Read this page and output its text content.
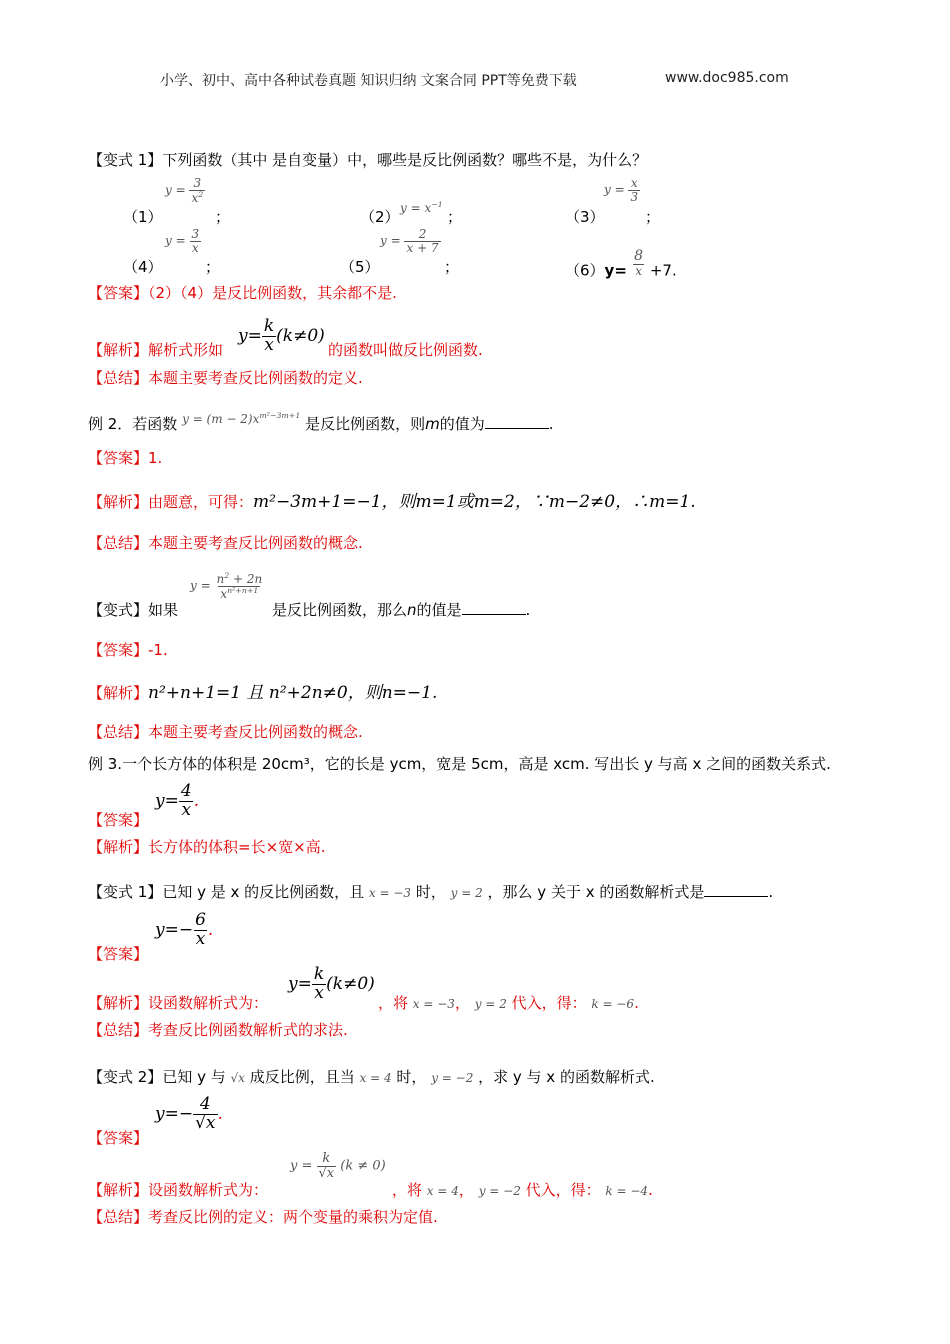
小学、初中、高中各种试卷真题 知识归纳 文案合同 PPT等免费下载	www.doc985.com
【变式 1】下列函数（其中 是自变量）中，哪些是反比例函数？哪些不是，为什么？
（1）
$y = \frac{3}{x^2}$
；	（2） $y = x^{-1}$
；	（3）
$y = \frac{x}{3}$
；
（4）
$y = \frac{3}{x}$
；	（5）
$y = \frac{2}{x + 7}$
；	$(6)y= \frac{8}{x} +7$.
【答案】（2）（4）是反比例函数，其余都不是.
【解析】解析式形如
$y= \frac{k}{x} (k\ne 0)$
的函数叫做反比例函数.
【总结】本题主要考查反比例函数的定义.
例 2．若函数 $^{y = (m - 2)x^{m^2-3m+1}}$ 是反比例函数，则m的值为	.
【答案】1.
【解析】由题意，可得：m²−3m+1=−1，则m=1或m=2，∵m−2≠0，∴m=1.
【总结】本题主要考查反比例函数的概念.
【变式】如果
$y = \frac{n^2 + 2n}{x^{n^2+n+1}}$
是反比例函数，那么n的值是	.
【答案】-1.
【解析】n²+n+1=1 且 n²+2n≠0，则n=−1.
【总结】本题主要考查反比例函数的概念.
例 3.一个长方体的体积是 20cm³，它的长是 ycm，宽是 5cm，高是 xcm. 写出长 y 与高 x 之间的函数关系式.
$y= \frac{4}{x}$ .
【答案】
【解析】长方体的体积=长×宽×高.
【变式 1】已知 y 是 x 的反比例函数，且 x = −3 时， y = 2 ，那么 y 关于 x 的函数解析式是	.
$y=- \frac{6}{x}$ .
【答案】
【解析】设函数解析式为：
$y= \frac{k}{x} (k\ne 0)$
，将 x = −3， y = 2 代入，得： k = −6.
【总结】考查反比例函数解析式的求法.
【变式 2】已知 y 与 √x 成反比例，且当 x = 4 时， y = −2 ，求 y 与 x 的函数解析式.
$y=- \frac{4}{√x}$ .
【答案】
【解析】设函数解析式为：
$y = \frac{k}{√x} (k \ne 0)$
，将 x = 4， y = −2 代入，得： k = −4.
【总结】考查反比例的定义：两个变量的乘积为定值.
